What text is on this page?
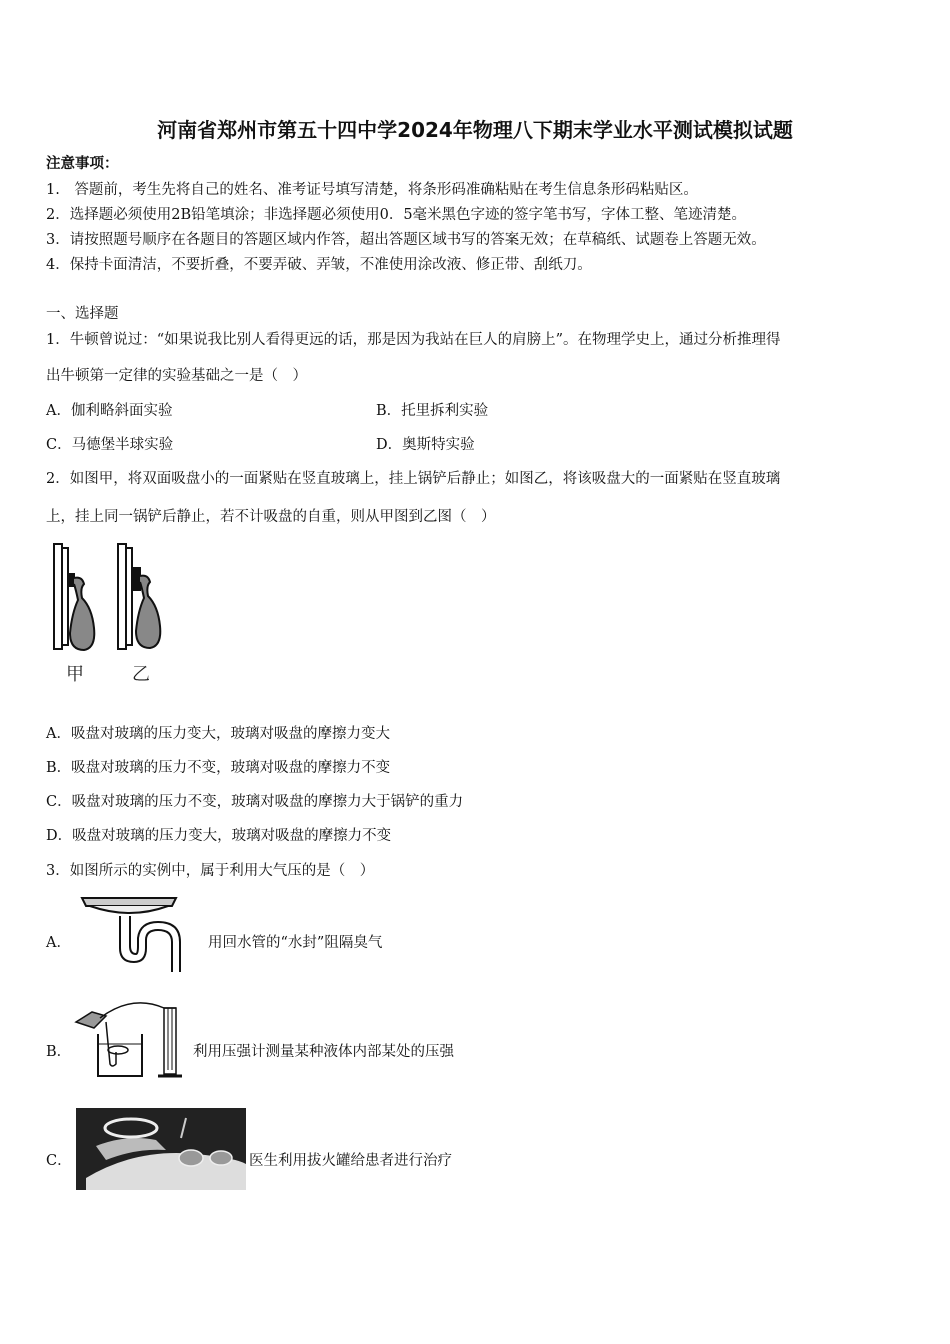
河南省郑州市第五十四中学2024年物理八下期末学业水平测试模拟试题
注意事项：
1.　答题前，考生先将自己的姓名、准考证号填写清楚，将条形码准确粘贴在考生信息条形码粘贴区。
2．选择题必须使用2B铅笔填涂；非选择题必须使用0．5毫米黑色字迹的签字笔书写，字体工整、笔迹清楚。
3．请按照题号顺序在各题目的答题区域内作答，超出答题区域书写的答案无效；在草稿纸、试题卷上答题无效。
4．保持卡面清洁，不要折叠，不要弄破、弄皱，不准使用涂改液、修正带、刮纸刀。
一、选择题
1．牛顿曾说过：“如果说我比别人看得更远的话，那是因为我站在巨人的肩膀上”。在物理学史上，通过分析推理得
出牛顿第一定律的实验基础之一是（　）
A．伽利略斜面实验	B．托里拆利实验
C．马德堡半球实验	D．奥斯特实验
2．如图甲，将双面吸盘小的一面紧贴在竖直玻璃上，挂上锅铲后静止；如图乙，将该吸盘大的一面紧贴在竖直玻璃
上，挂上同一锅铲后静止，若不计吸盘的自重，则从甲图到乙图（　）
甲	乙
A．吸盘对玻璃的压力变大，玻璃对吸盘的摩擦力变大
B．吸盘对玻璃的压力不变，玻璃对吸盘的摩擦力不变
C．吸盘对玻璃的压力不变，玻璃对吸盘的摩擦力大于锅铲的重力
D．吸盘对玻璃的压力变大，玻璃对吸盘的摩擦力不变
3．如图所示的实例中，属于利用大气压的是（　）
A．	用回水管的“水封”阻隔臭气
B．	利用压强计测量某种液体内部某处的压强
C．	医生利用拔火罐给患者进行治疗
